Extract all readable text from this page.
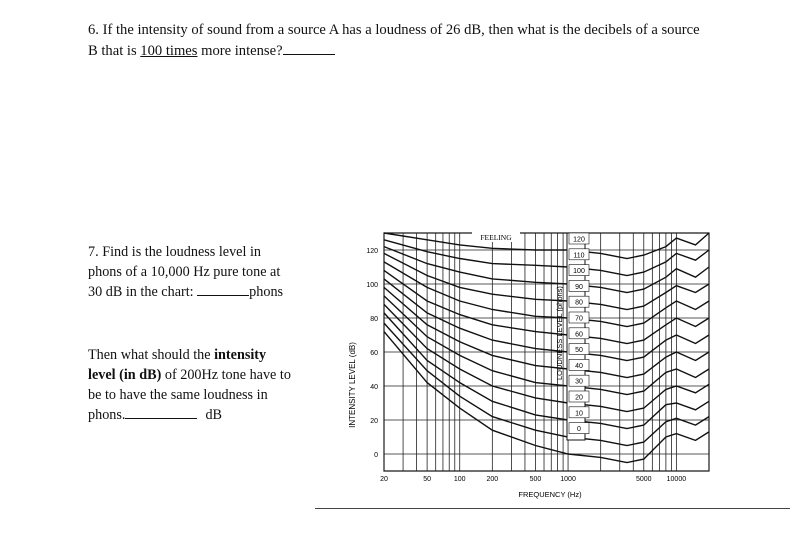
6. If the intensity of sound from a source A has a loudness of 26 dB, then what is the decibels of a source
B that is 100 times more intense?
7. Find is the loudness level in
phons of a 10,000 Hz pure tone at
30 dB in the chart:	phons
Then what should the intensity
level (in dB) of 200Hz tone have to
be to have the same loudness in
phons.	dB
0
20
40
60
80
100
120
20	50	100	200	500	1000	5000 10000
120
110
100
90
80
70
60
50
40
30
20
10
0
FEELING
LOUDNESS LEVEL (phons)
INTENSITY LEVEL (dB)
FREQUENCY (Hz)
